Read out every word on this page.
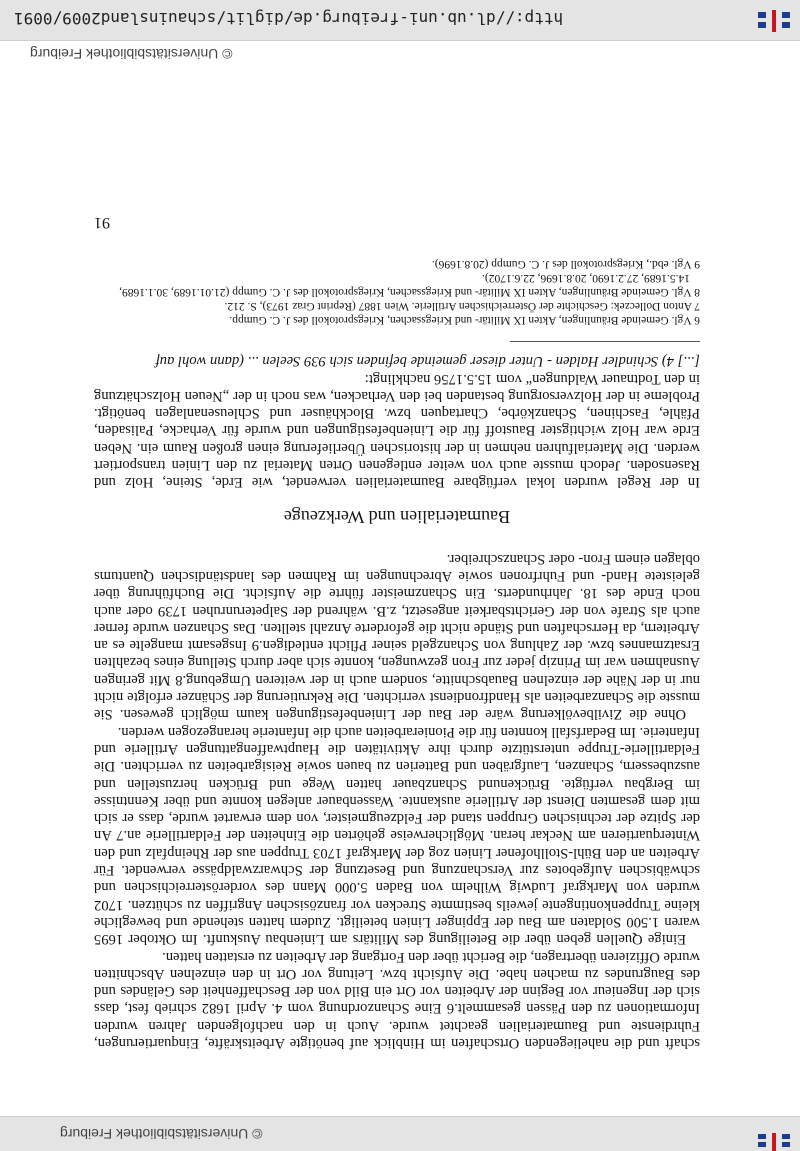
© Universitätsbibliothek Freiburg

schaft und die naheliegenden Ortschaften im Hinblick auf benötigte Arbeitskräfte, Einquartierungen, Fuhrdienste und Baumaterialien geachtet wurde. Auch in den nachfolgenden Jahren wurden Informationen zu den Pässen gesammelt.6 Eine Schanzordnung vom 4. April 1682 schrieb fest, dass sich der Ingenieur vor Beginn der Arbeiten vor Ort ein Bild von der Beschaffenheit des Geländes und des Baugrundes zu machen habe. Die Aufsicht bzw. Leitung vor Ort in den einzelnen Abschnitten wurde Offizieren übertragen, die Bericht über den Fortgang der Arbeiten zu erstatten hatten.

Einige Quellen geben über die Beteiligung des Militärs am Linienbau Auskunft. Im Oktober 1695 waren 1.500 Soldaten am Bau der Eppinger Linien beteiligt. Zudem hatten stehende und bewegliche kleine Truppenkontingente jeweils bestimmte Strecken vor französischen Angriffen zu schützen. 1702 wurden von Markgraf Ludwig Wilhelm von Baden 5.000 Mann des vorderösterreichischen und schwäbischen Aufgebotes zur Verschanzung und Besetzung der Schwarzwaldpässe verwendet. Für Arbeiten an den Bühl-Stollhofener Linien zog der Markgraf 1703 Truppen aus der Rheinpfalz und den Winterquartieren am Neckar heran. Möglicherweise gehörten die Einheiten der Feldartillerie an.7 An der Spitze der technischen Gruppen stand der Feldzeugmeister, von dem erwartet wurde, dass er sich mit dem gesamten Dienst der Artillerie auskannte. Wassenbauer anlegen konnte und über Kenntnisse im Bergbau verfügte. Brückenund Schanzbauer hatten Wege und Brücken herzustellen und auszubessern, Schanzen, Laufgräben und Batterien zu bauen sowie Reisigarbeiten zu verrichten. Die Feldartillerie-Truppe unterstützte durch ihre Aktivitäten die Hauptwaffengattungen Artillerie und Infanterie. Im Bedarfsfall konnten für die Pionierarbeiten auch die Infanterie herangezogen werden.

Ohne die Zivilbevölkerung wäre der Bau der Linienbefestigungen kaum möglich gewesen. Sie musste die Schanzarbeiten als Handfrondienst verrichten. Die Rekrutierung der Schänzer erfolgte nicht nur in der Nähe der einzelnen Bauabschnitte, sondern auch in der weiteren Umgebung.8 Mit geringen Ausnahmen war im Prinzip jeder zur Fron gezwungen, konnte sich aber durch Stellung eines bezahlten Ersatzmannes bzw. der Zahlung von Schanzgeld seiner Pflicht entledigen.9 Insgesamt mangelte es an Arbeitern, da Herrschaften und Stände nicht die geforderte Anzahl stellten. Das Schanzen wurde ferner auch als Strafe von der Gerichtsbarkeit angesetzt, z.B. während der Salpeterunruhen 1739 oder auch noch Ende des 18. Jahrhunderts. Ein Schanzmeister führte die Aufsicht. Die Buchführung über geleistete Hand- und Fuhrfronen sowie Abrechnungen im Rahmen des landständischen Quantums oblagen einem Fron- oder Schanzschreiber.

Baumaterialien und Werkzeuge

In der Regel wurden lokal verfügbare Baumaterialien verwendet, wie Erde, Steine, Holz und Rasensoden. Jedoch musste auch von weiter entlegenen Orten Material zu den Linien transportiert werden. Die Materialfuhren nehmen in der historischen Überlieferung einen großen Raum ein. Neben Erde war Holz wichtigster Baustoff für die Linienbefestigungen und wurde für Verhacke, Palisaden, Pfähle, Faschinen, Schanzkörbe, Chartaquen bzw. Blockhäuser und Schleusenanlagen benötigt. Probleme in der Holzversorgung bestanden bei den Verhacken, was noch in der „Neuen Holzschätzung in den Todtnauer Waldungen“ vom 15.5.1756 nachklingt:

[...] 4) Schindler Halden - Unter dieser gemeinde befinden sich 939 Seelen ... (dann wohl auf

6 Vgl. Gemeinde Bräunlingen, Akten IX Militär- und Kriegssachen, Kriegsprotokoll des J. C. Gumpp.

7 Anton Dolleczek: Geschichte der Österreichischen Artillerie. Wien 1887 (Reprint Graz 1973), S. 212.

8 Vgl. Gemeinde Bräunlingen, Akten IX Militär- und Kriegssachen, Kriegsprotokoll des J. C. Gumpp (21.01.1689, 30.1.1689, 14.5.1689, 27.2.1690, 20.8.1696, 22.6.1702).

9 Vgl. ebd., Kriegsprotokoll des J. C. Gumpp (20.8.1696).

91
http://dl.ub.uni-freiburg.de/diglit/schauinsland2009/0091
© Universitätsbibliothek Freiburg
